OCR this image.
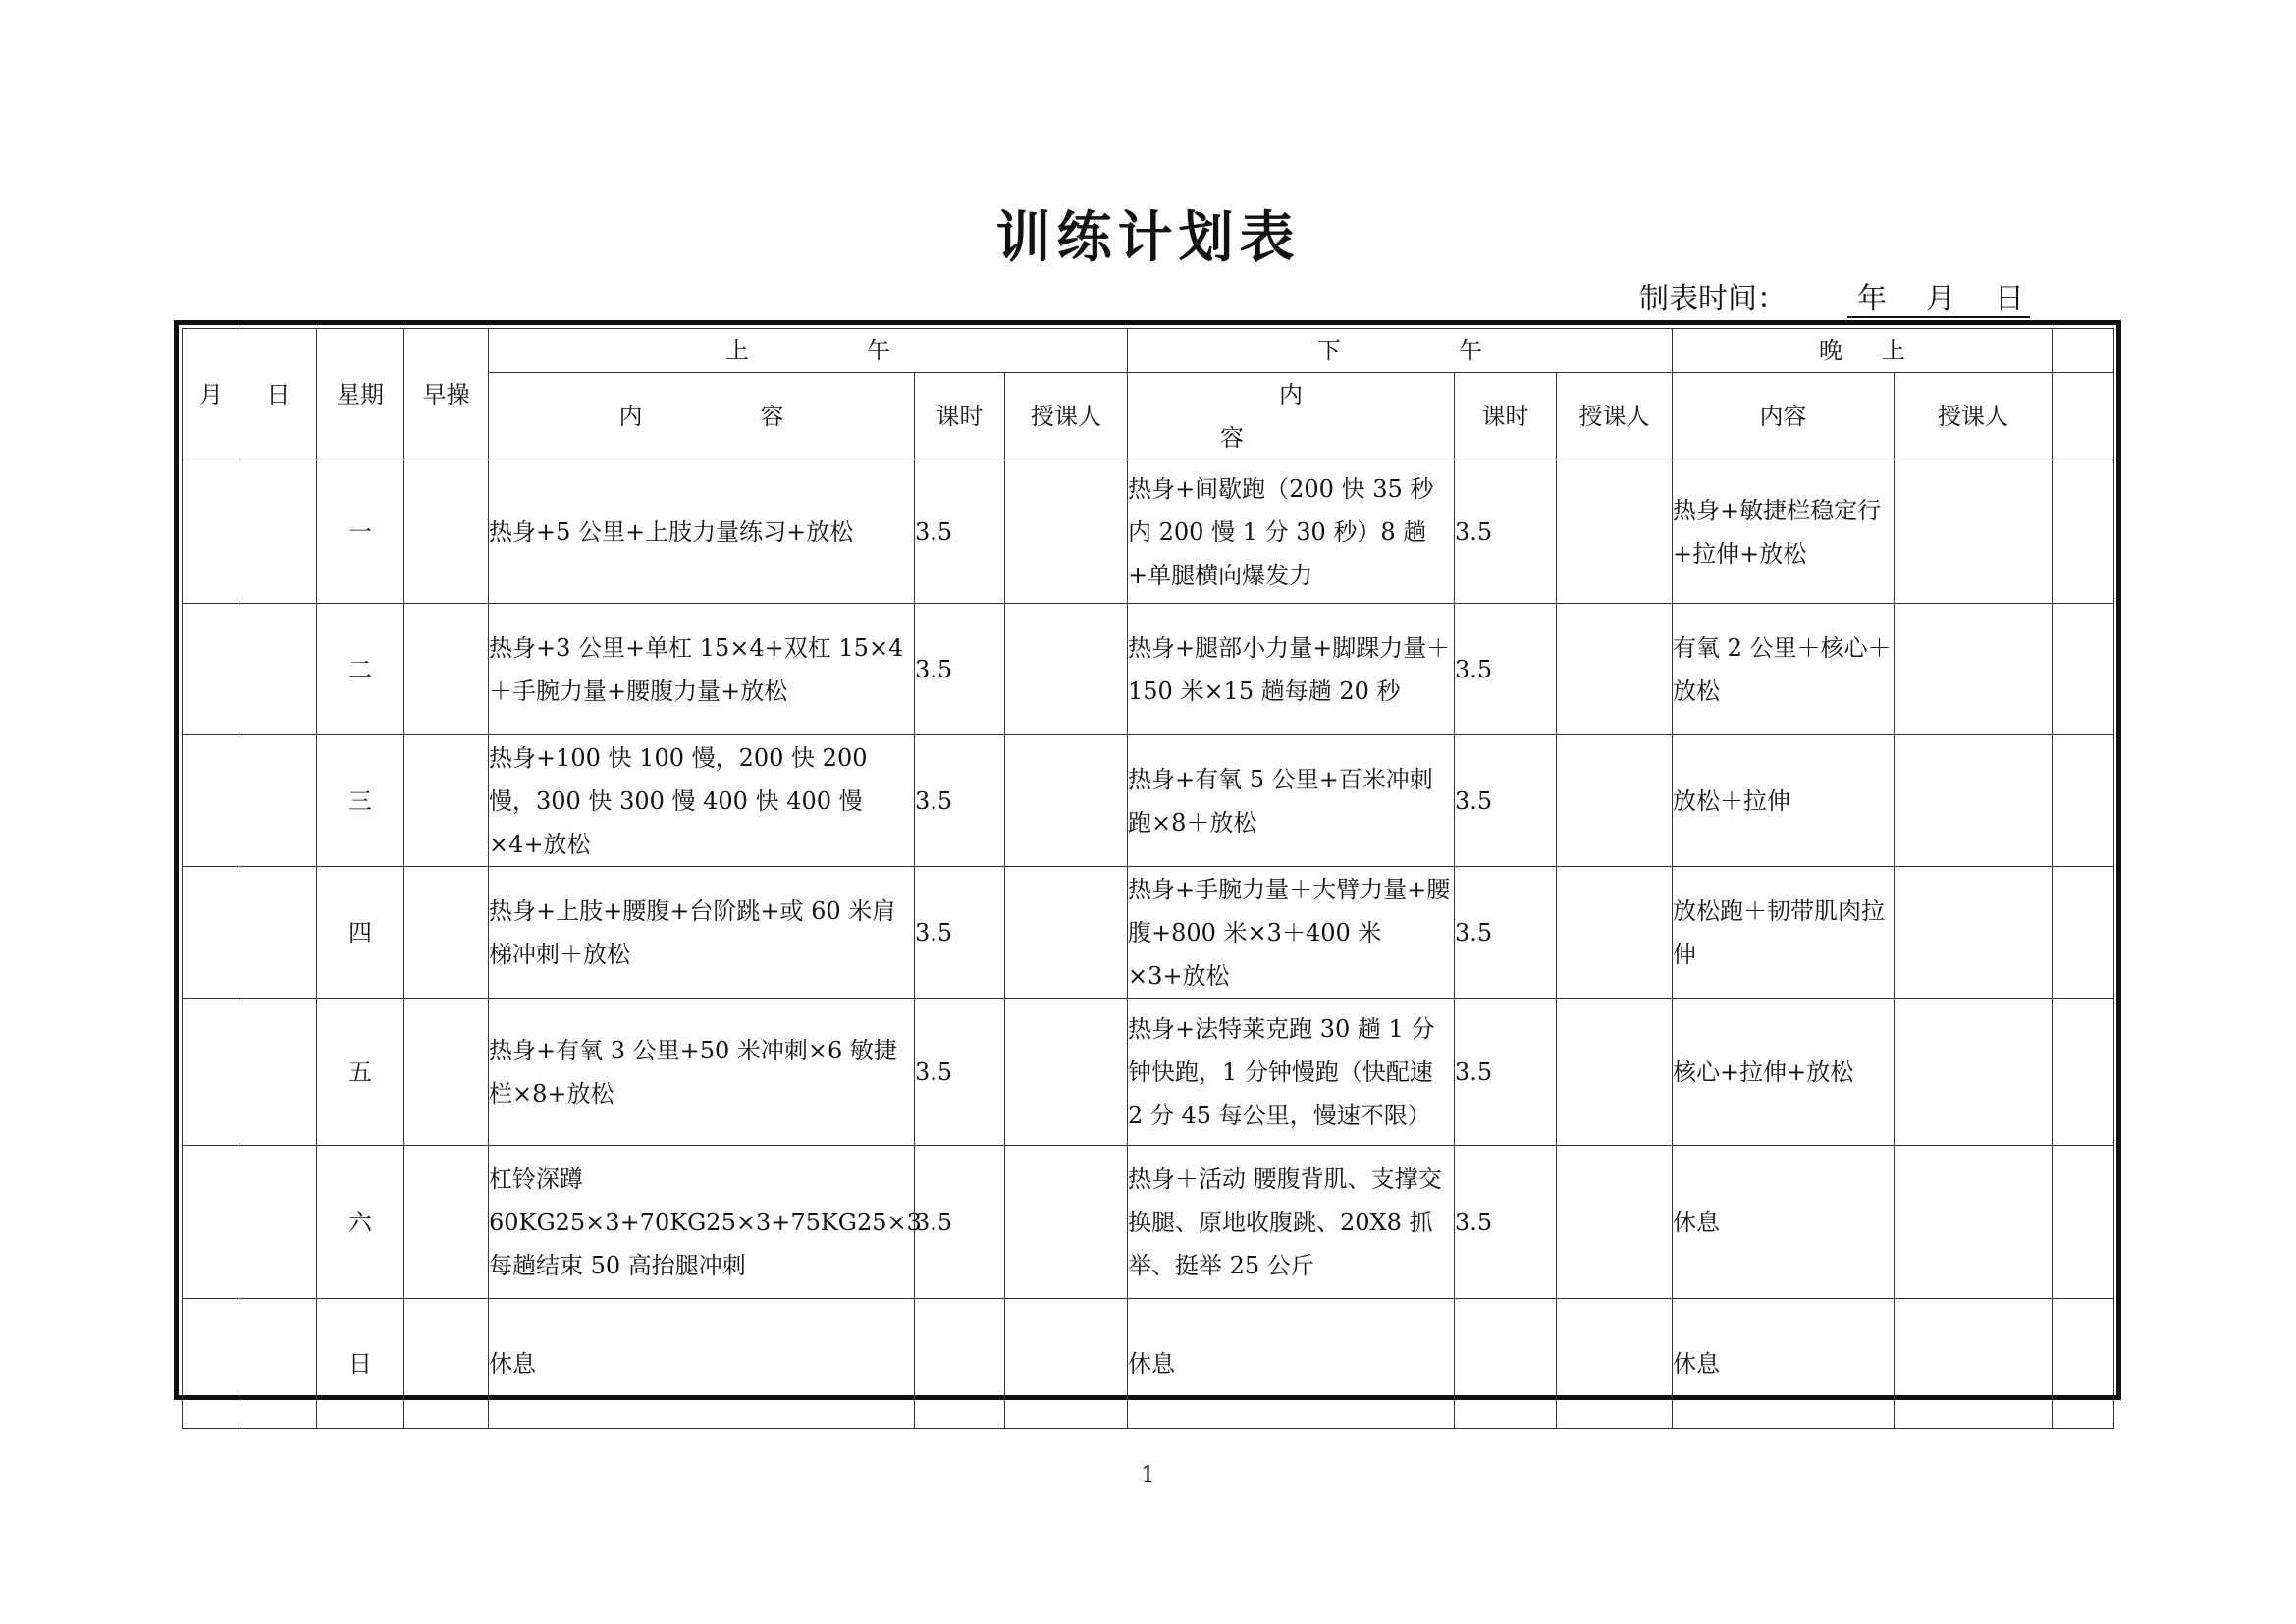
训练计划表
制表时间： 年 月 日
月	日	星期	早操	上午			下午			晚上		
				内容	课时	授课人	内容	课时	授课人	内容	授课人	
		一		热身+5 公里+上肢力量练习+放松	3.5		热身+间歇跑（200 快 35 秒内 200 慢 1 分 30 秒）8 趟+单腿横向爆发力	3.5		热身+敏捷栏稳定行+拉伸+放松		
		二		热身+3 公里+单杠 15×4+双杠 15×4＋手腕力量+腰腹力量+放松	3.5		热身+腿部小力量+脚踝力量＋150 米×15 趟每趟 20 秒	3.5		有氧 2 公里＋核心＋放松		
		三		热身+100 快 100 慢，200 快 200 慢，300 快 300 慢 400 快 400 慢×4+放松	3.5		热身+有氧 5 公里+百米冲刺跑×8＋放松	3.5		放松＋拉伸		
		四		热身+上肢+腰腹+台阶跳+或 60 米肩梯冲刺＋放松	3.5		热身+手腕力量＋大臂力量+腰腹+800 米×3＋400 米×3+放松	3.5		放松跑＋韧带肌肉拉伸		
		五		热身+有氧 3 公里+50 米冲刺×6 敏捷栏×8+放松	3.5		热身+法特莱克跑 30 趟 1 分钟快跑，1 分钟慢跑（快配速 2 分 45 每公里，慢速不限）	3.5		核心+拉伸+放松		
		六		杠铃深蹲 60KG25×3+70KG25×3+75KG25×3 每趟结束 50 高抬腿冲刺	3.5		热身＋活动 腰腹背肌、支撑交换腿、原地收腹跳、20X8 抓举、挺举 25 公斤	3.5		休息		
		日		休息			休息			休息		
1
